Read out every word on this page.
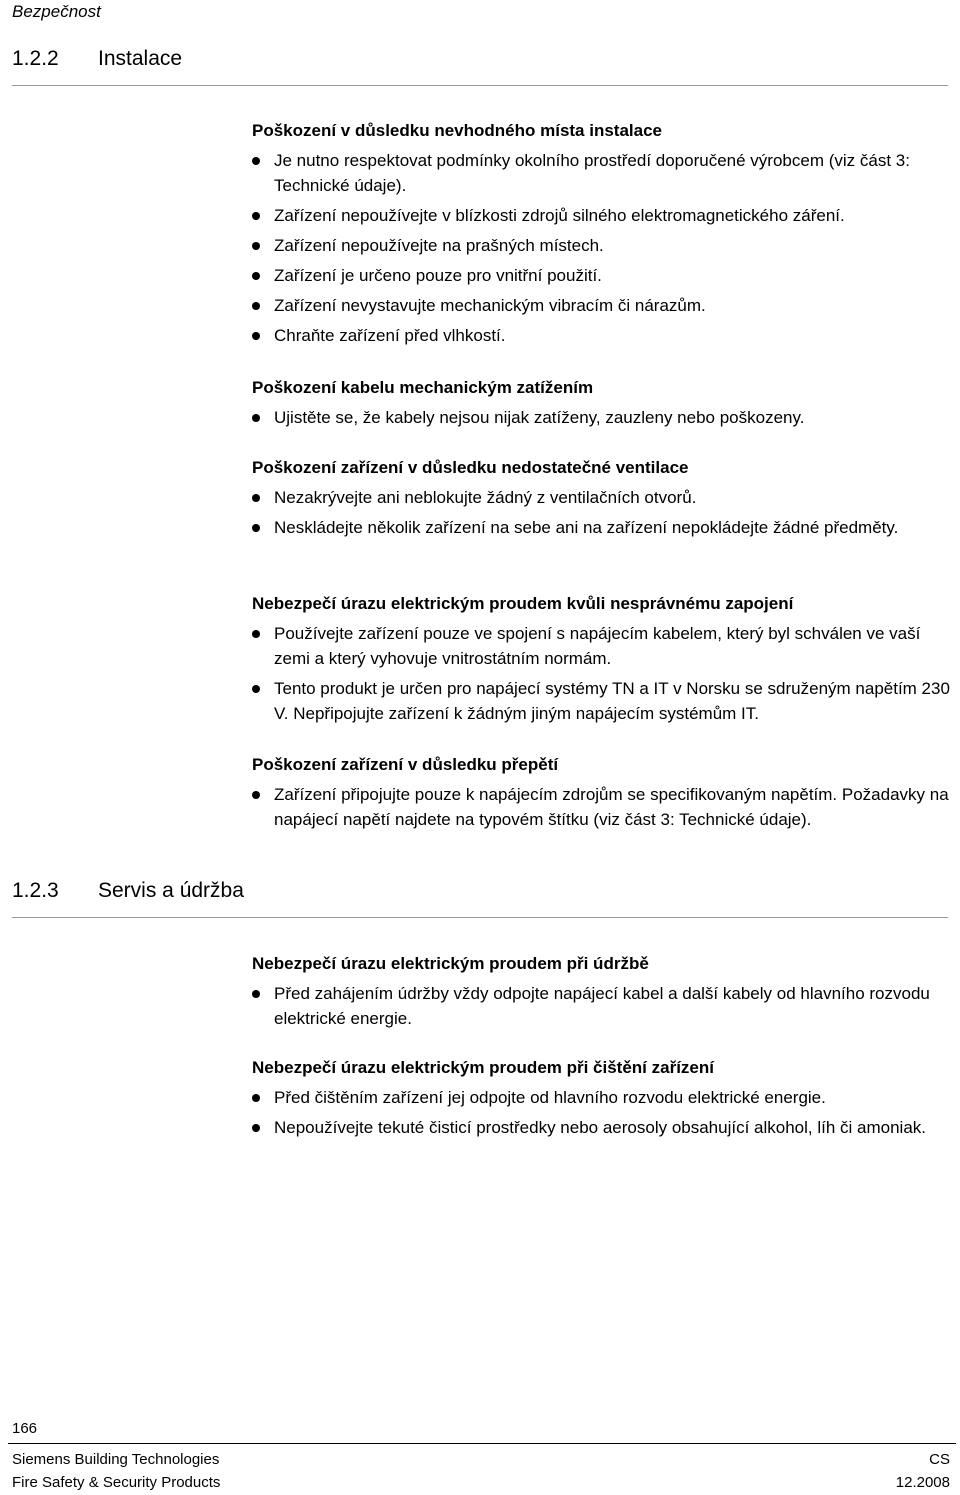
Bezpečnost
1.2.2 Instalace
1.2.3 Servis a údržba
Poškození v důsledku nevhodného místa instalace
Je nutno respektovat podmínky okolního prostředí doporučené výrobcem (viz část 3: Technické údaje).
Zařízení nepoužívejte v blízkosti zdrojů silného elektromagnetického záření.
Zařízení nepoužívejte na prašných místech.
Zařízení je určeno pouze pro vnitřní použití.
Zařízení nevystavujte mechanickým vibracím či nárazům.
Chraňte zařízení před vlhkostí.
Poškození kabelu mechanickým zatížením
Ujistěte se, že kabely nejsou nijak zatíženy, zauzleny nebo poškozeny.
Poškození zařízení v důsledku nedostatečné ventilace
Nezakrývejte ani neblokujte žádný z ventilačních otvorů.
Neskládejte několik zařízení na sebe ani na zařízení nepokládejte žádné předměty.
Nebezpečí úrazu elektrickým proudem kvůli nesprávnému zapojení
Používejte zařízení pouze ve spojení s napájecím kabelem, který byl schválen ve vaší zemi a který vyhovuje vnitrostátním normám.
Tento produkt je určen pro napájecí systémy TN a IT v Norsku se sdruženým napětím 230 V. Nepřipojujte zařízení k žádným jiným napájecím systémům IT.
Poškození zařízení v důsledku přepětí
Zařízení připojujte pouze k napájecím zdrojům se specifikovaným napětím. Požadavky na napájecí napětí najdete na typovém štítku (viz část 3: Technické údaje).
Nebezpečí úrazu elektrickým proudem při údržbě
Před zahájením údržby vždy odpojte napájecí kabel a další kabely od hlavního rozvodu elektrické energie.
Nebezpečí úrazu elektrickým proudem při čištění zařízení
Před čištěním zařízení jej odpojte od hlavního rozvodu elektrické energie.
Nepoužívejte tekuté čisticí prostředky nebo aerosoly obsahující alkohol, líh či amoniak.
166
Siemens Building Technologies	CS
Fire Safety & Security Products	12.2008
